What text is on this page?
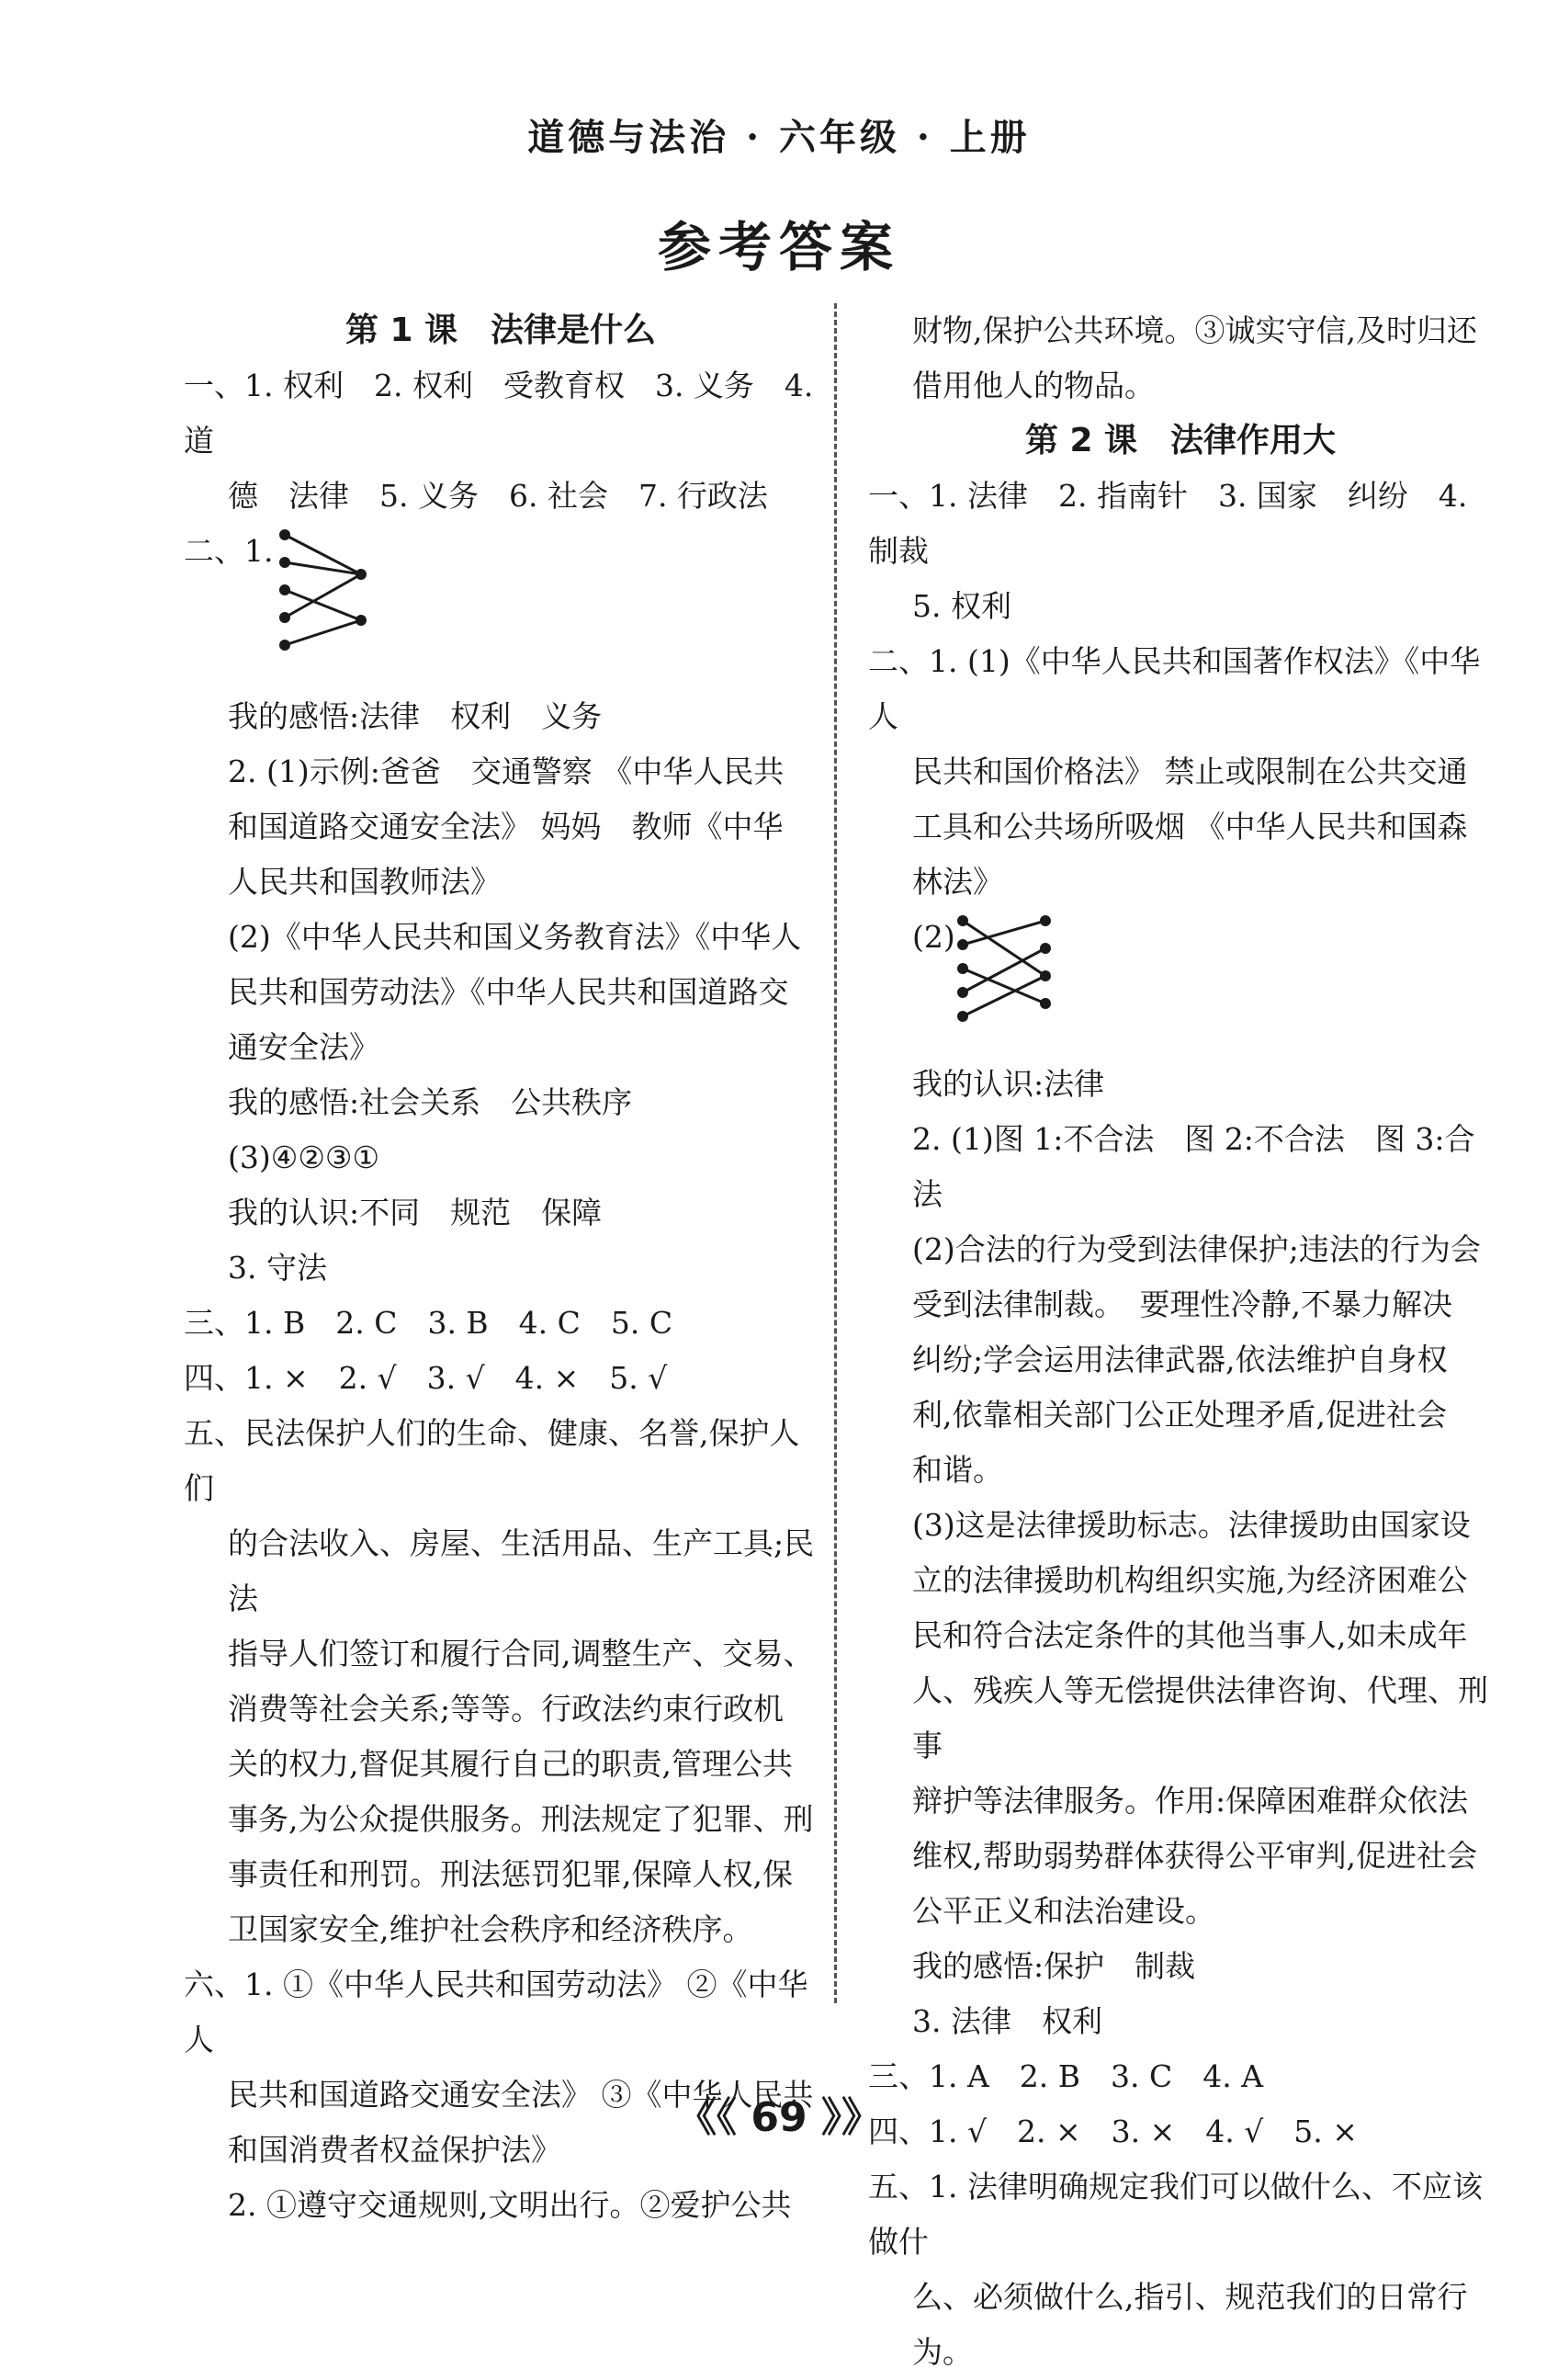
道德与法治 · 六年级 · 上册
参考答案

第 1 课　法律是什么

一、1. 权利　2. 权利　受教育权　3. 义务　4. 道

德　法律　5. 义务　6. 社会　7. 行政法

二、1.

我的感悟:法律　权利　义务

2. (1)示例:爸爸　交通警察 《中华人民共

和国道路交通安全法》 妈妈　教师《中华

人民共和国教师法》

(2)《中华人民共和国义务教育法》《中华人

民共和国劳动法》《中华人民共和国道路交

通安全法》

我的感悟:社会关系　公共秩序

(3)④②③①

我的认识:不同　规范　保障

3. 守法

三、1. B　2. C　3. B　4. C　5. C

四、1. ×　2. √　3. √　4. ×　5. √

五、民法保护人们的生命、健康、名誉,保护人们

的合法收入、房屋、生活用品、生产工具;民法

指导人们签订和履行合同,调整生产、交易、

消费等社会关系;等等。行政法约束行政机

关的权力,督促其履行自己的职责,管理公共

事务,为公众提供服务。刑法规定了犯罪、刑

事责任和刑罚。刑法惩罚犯罪,保障人权,保

卫国家安全,维护社会秩序和经济秩序。

六、1. ①《中华人民共和国劳动法》 ②《中华人

民共和国道路交通安全法》 ③《中华人民共

和国消费者权益保护法》

2. ①遵守交通规则,文明出行。②爱护公共

财物,保护公共环境。③诚实守信,及时归还

借用他人的物品。

第 2 课　法律作用大

一、1. 法律　2. 指南针　3. 国家　纠纷　4. 制裁

5. 权利

二、1. (1)《中华人民共和国著作权法》《中华人

民共和国价格法》 禁止或限制在公共交通

工具和公共场所吸烟 《中华人民共和国森

林法》

(2)

我的认识:法律

2. (1)图 1:不合法　图 2:不合法　图 3:合法

(2)合法的行为受到法律保护;违法的行为会

受到法律制裁。　要理性冷静,不暴力解决

纠纷;学会运用法律武器,依法维护自身权

利,依靠相关部门公正处理矛盾,促进社会

和谐。

(3)这是法律援助标志。法律援助由国家设

立的法律援助机构组织实施,为经济困难公

民和符合法定条件的其他当事人,如未成年

人、残疾人等无偿提供法律咨询、代理、刑事

辩护等法律服务。作用:保障困难群众依法

维权,帮助弱势群体获得公平审判,促进社会

公平正义和法治建设。

我的感悟:保护　制裁

3. 法律　权利

三、1. A　2. B　3. C　4. A

四、1. √　2. ×　3. ×　4. √　5. ×

五、1. 法律明确规定我们可以做什么、不应该做什

么、必须做什么,指引、规范我们的日常行为。

《《 69 》》
